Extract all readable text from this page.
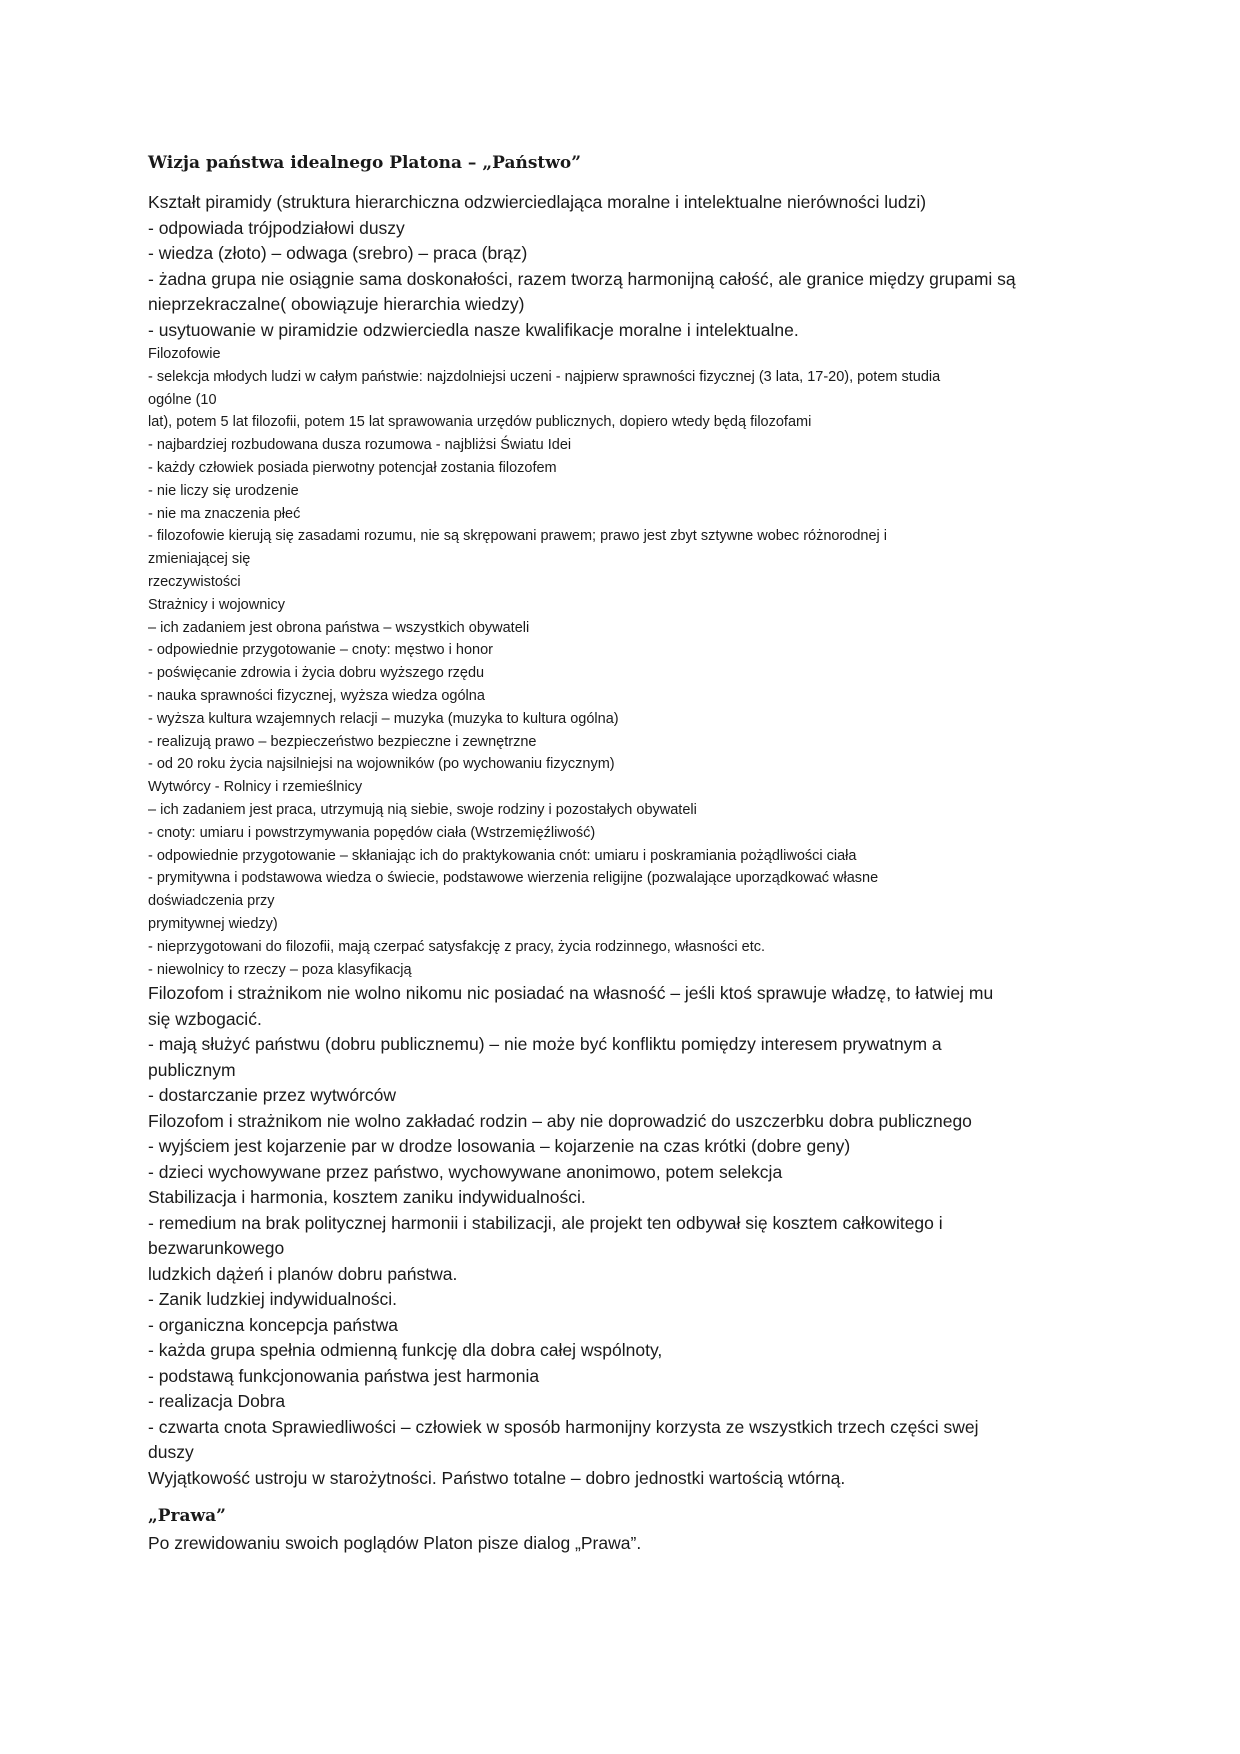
Wizja państwa idealnego Platona – „Państwo”

Kształt piramidy (struktura hierarchiczna odzwierciedlająca moralne i intelektualne nierówności ludzi)

- odpowiada trójpodziałowi duszy

- wiedza (złoto) – odwaga (srebro) – praca (brąz)

- żadna grupa nie osiągnie sama doskonałości, razem tworzą harmonijną całość, ale granice między grupami są

nieprzekraczalne( obowiązuje hierarchia wiedzy)

- usytuowanie w piramidzie odzwierciedla nasze kwalifikacje moralne i intelektualne.

Filozofowie

- selekcja młodych ludzi w całym państwie: najzdolniejsi uczeni - najpierw sprawności fizycznej (3 lata, 17-20), potem studia

ogólne (10

lat), potem 5 lat filozofii, potem 15 lat sprawowania urzędów publicznych, dopiero wtedy będą filozofami

- najbardziej rozbudowana dusza rozumowa - najbliżsi Światu Idei

- każdy człowiek posiada pierwotny potencjał zostania filozofem

- nie liczy się urodzenie

- nie ma znaczenia płeć

- filozofowie kierują się zasadami rozumu, nie są skrępowani prawem; prawo jest zbyt sztywne wobec różnorodnej i

zmieniającej się

rzeczywistości

Strażnicy i wojownicy

– ich zadaniem jest obrona państwa – wszystkich obywateli

- odpowiednie przygotowanie – cnoty: męstwo i honor

- poświęcanie zdrowia i życia dobru wyższego rzędu

- nauka sprawności fizycznej, wyższa wiedza ogólna

- wyższa kultura wzajemnych relacji – muzyka (muzyka to kultura ogólna)

- realizują prawo – bezpieczeństwo bezpieczne i zewnętrzne

- od 20 roku życia najsilniejsi na wojowników (po wychowaniu fizycznym)

Wytwórcy - Rolnicy i rzemieślnicy

– ich zadaniem jest praca, utrzymują nią siebie, swoje rodziny i pozostałych obywateli

- cnoty: umiaru i powstrzymywania popędów ciała (Wstrzemięźliwość)

- odpowiednie przygotowanie – skłaniając ich do praktykowania cnót: umiaru i poskramiania pożądliwości ciała

- prymitywna i podstawowa wiedza o świecie, podstawowe wierzenia religijne (pozwalające uporządkować własne

doświadczenia przy

prymitywnej wiedzy)

- nieprzygotowani do filozofii, mają czerpać satysfakcję z pracy, życia rodzinnego, własności etc.

- niewolnicy to rzeczy – poza klasyfikacją

Filozofom i strażnikom nie wolno nikomu nic posiadać na własność – jeśli ktoś sprawuje władzę, to łatwiej mu

się wzbogacić.

- mają służyć państwu (dobru publicznemu) – nie może być konfliktu pomiędzy interesem prywatnym a

publicznym

- dostarczanie przez wytwórców

Filozofom i strażnikom nie wolno zakładać rodzin – aby nie doprowadzić do uszczerbku dobra publicznego

- wyjściem jest kojarzenie par w drodze losowania – kojarzenie na czas krótki (dobre geny)

- dzieci wychowywane przez państwo, wychowywane anonimowo, potem selekcja

Stabilizacja i harmonia, kosztem zaniku indywidualności.

- remedium na brak politycznej harmonii i stabilizacji, ale projekt ten odbywał się kosztem całkowitego i

bezwarunkowego

ludzkich dążeń i planów dobru państwa.

- Zanik ludzkiej indywidualności.

- organiczna koncepcja państwa

- każda grupa spełnia odmienną funkcję dla dobra całej wspólnoty,

- podstawą funkcjonowania państwa jest harmonia

- realizacja Dobra

- czwarta cnota Sprawiedliwości – człowiek w sposób harmonijny korzysta ze wszystkich trzech części swej

duszy

Wyjątkowość ustroju w starożytności. Państwo totalne – dobro jednostki wartością wtórną.

„Prawa”

Po zrewidowaniu swoich poglądów Platon pisze dialog „Prawa”.
